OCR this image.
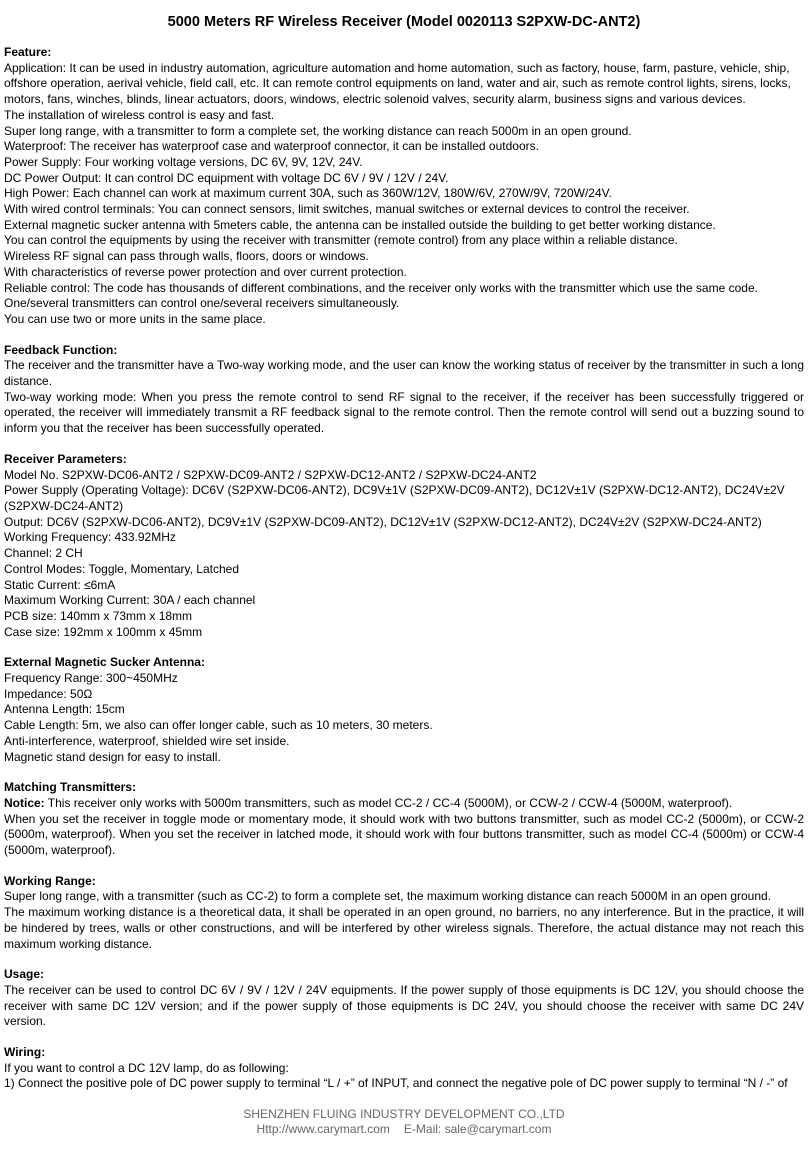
5000 Meters RF Wireless Receiver (Model 0020113 S2PXW-DC-ANT2)

Feature:

Application: It can be used in industry automation, agriculture automation and home automation, such as factory, house, farm, pasture, vehicle, ship, offshore operation, aerival vehicle, field call, etc. It can remote control equipments on land, water and air, such as remote control lights, sirens, locks, motors, fans, winches, blinds, linear actuators, doors, windows, electric solenoid valves, security alarm, business signs and various devices.

The installation of wireless control is easy and fast.

Super long range, with a transmitter to form a complete set, the working distance can reach 5000m in an open ground.

Waterproof: The receiver has waterproof case and waterproof connector, it can be installed outdoors.

Power Supply: Four working voltage versions, DC 6V, 9V, 12V, 24V.

DC Power Output: It can control DC equipment with voltage DC 6V / 9V / 12V / 24V.

High Power: Each channel can work at maximum current 30A, such as 360W/12V, 180W/6V, 270W/9V, 720W/24V.

With wired control terminals: You can connect sensors, limit switches, manual switches or external devices to control the receiver.

External magnetic sucker antenna with 5meters cable, the antenna can be installed outside the building to get better working distance.

You can control the equipments by using the receiver with transmitter (remote control) from any place within a reliable distance.

Wireless RF signal can pass through walls, floors, doors or windows.

With characteristics of reverse power protection and over current protection.

Reliable control: The code has thousands of different combinations, and the receiver only works with the transmitter which use the same code.

One/several transmitters can control one/several receivers simultaneously.

You can use two or more units in the same place.

Feedback Function:

The receiver and the transmitter have a Two-way working mode, and the user can know the working status of receiver by the transmitter in such a long distance.

Two-way working mode: When you press the remote control to send RF signal to the receiver, if the receiver has been successfully triggered or operated, the receiver will immediately transmit a RF feedback signal to the remote control. Then the remote control will send out a buzzing sound to inform you that the receiver has been successfully operated.

Receiver Parameters:

Model No. S2PXW-DC06-ANT2 / S2PXW-DC09-ANT2 / S2PXW-DC12-ANT2 / S2PXW-DC24-ANT2

Power Supply (Operating Voltage): DC6V (S2PXW-DC06-ANT2), DC9V±1V (S2PXW-DC09-ANT2), DC12V±1V (S2PXW-DC12-ANT2), DC24V±2V (S2PXW-DC24-ANT2)

Output: DC6V (S2PXW-DC06-ANT2), DC9V±1V (S2PXW-DC09-ANT2), DC12V±1V (S2PXW-DC12-ANT2), DC24V±2V (S2PXW-DC24-ANT2)

Working Frequency: 433.92MHz

Channel: 2 CH

Control Modes: Toggle, Momentary, Latched

Static Current: ≤6mA

Maximum Working Current: 30A / each channel

PCB size: 140mm x 73mm x 18mm

Case size: 192mm x 100mm x 45mm

External Magnetic Sucker Antenna:

Frequency Range: 300~450MHz

Impedance: 50Ω

Antenna Length: 15cm

Cable Length: 5m, we also can offer longer cable, such as 10 meters, 30 meters.

Anti-interference, waterproof, shielded wire set inside.

Magnetic stand design for easy to install.

Matching Transmitters:

Notice: This receiver only works with 5000m transmitters, such as model CC-2 / CC-4 (5000M), or CCW-2 / CCW-4 (5000M, waterproof).

When you set the receiver in toggle mode or momentary mode, it should work with two buttons transmitter, such as model CC-2 (5000m), or CCW-2 (5000m, waterproof). When you set the receiver in latched mode, it should work with four buttons transmitter, such as model CC-4 (5000m) or CCW-4 (5000m, waterproof).

Working Range:

Super long range, with a transmitter (such as CC-2) to form a complete set, the maximum working distance can reach 5000M in an open ground.

The maximum working distance is a theoretical data, it shall be operated in an open ground, no barriers, no any interference. But in the practice, it will be hindered by trees, walls or other constructions, and will be interfered by other wireless signals. Therefore, the actual distance may not reach this maximum working distance.

Usage:

The receiver can be used to control DC 6V / 9V / 12V / 24V equipments. If the power supply of those equipments is DC 12V, you should choose the receiver with same DC 12V version; and if the power supply of those equipments is DC 24V, you should choose the receiver with same DC 24V version.

Wiring:

If you want to control a DC 12V lamp, do as following:

1) Connect the positive pole of DC power supply to terminal “L / +” of INPUT, and connect the negative pole of DC power supply to terminal “N / -” of

SHENZHEN FLUING INDUSTRY DEVELOPMENT CO.,LTD
Http://www.carymart.com E-Mail: sale@carymart.com
